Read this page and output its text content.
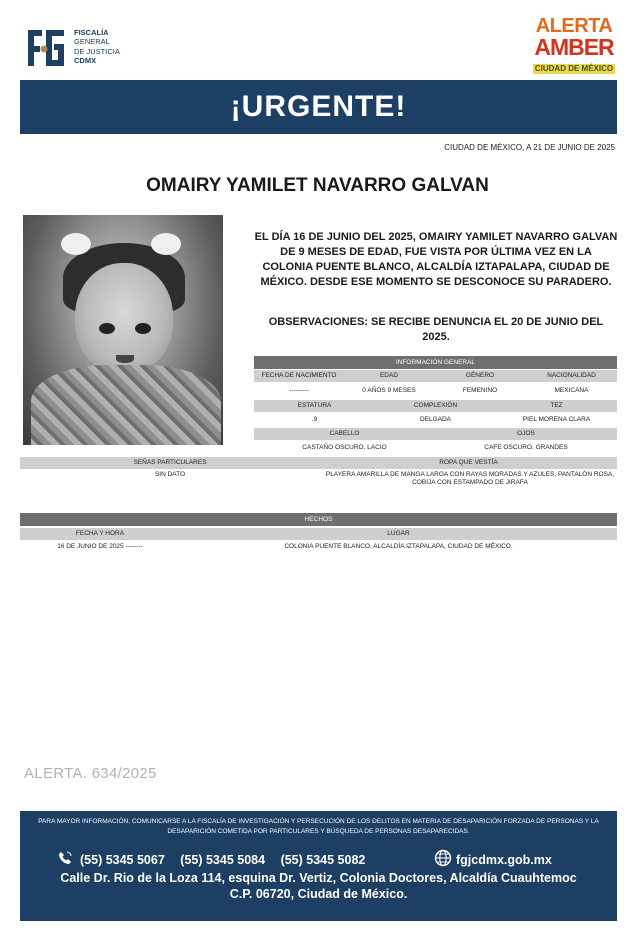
FISCALÍA
GENERAL
DE JUSTICIA
CDMX
ALERTA
AMBER
CIUDAD DE MÉXICO
¡URGENTE!
CIUDAD DE MÉXICO, A 21 DE JUNIO DE 2025
OMAIRY YAMILET NAVARRO GALVAN
EL DÍA 16 DE JUNIO DEL 2025, OMAIRY YAMILET NAVARRO GALVAN DE 9 MESES DE EDAD, FUE VISTA POR ÚLTIMA VEZ EN LA COLONIA PUENTE BLANCO, ALCALDÍA IZTAPALAPA, CIUDAD DE MÉXICO. DESDE ESE MOMENTO SE DESCONOCE SU PARADERO.
OBSERVACIONES: SE RECIBE DENUNCIA EL 20 DE JUNIO DEL 2025.
INFORMACIÓN GENERAL
FECHA DE NACIMIENTO	EDAD	GÉNERO	NACIONALIDAD
---------	0 AÑOS 9 MESES	FEMENINO	MEXICANA
ESTATURA	COMPLEXIÓN	TEZ
.9	DELGADA	PIEL MORENA CLARA
CABELLO	OJOS
CASTAÑO OSCURO, LACIO	CAFE OSCURO, GRANDES
SEÑAS PARTICULARES	ROPA QUE VESTÍA
SIN DATO	PLAYERA AMARILLA DE MANGA LARGA CON RAYAS MORADAS Y AZULES, PANTALÓN ROSA, COBIJA CON ESTAMPADO DE JIRAFA
HECHOS
FECHA Y HORA	LUGAR
16 DE JUNIO DE 2025 --------	COLONIA PUENTE BLANCO, ALCALDÍA IZTAPALAPA, CIUDAD DE MÉXICO,
ALERTA. 634/2025
PARA MAYOR INFORMACIÓN, COMUNICARSE A LA FISCALÍA DE INVESTIGACIÓN Y PERSECUCIÓN DE LOS DELITOS EN MATERIA DE DESAPARICIÓN FORZADA DE PERSONAS Y LA DESAPARICIÓN COMETIDA POR PARTICULARES Y BÚSQUEDA DE PERSONAS DESAPARECIDAS.
(55) 5345 5067 (55) 5345 5084 (55) 5345 5082	fgjcdmx.gob.mx
Calle Dr. Rio de la Loza 114, esquina Dr. Vertiz, Colonia Doctores, Alcaldía Cuauhtemoc
C.P. 06720, Ciudad de México.
